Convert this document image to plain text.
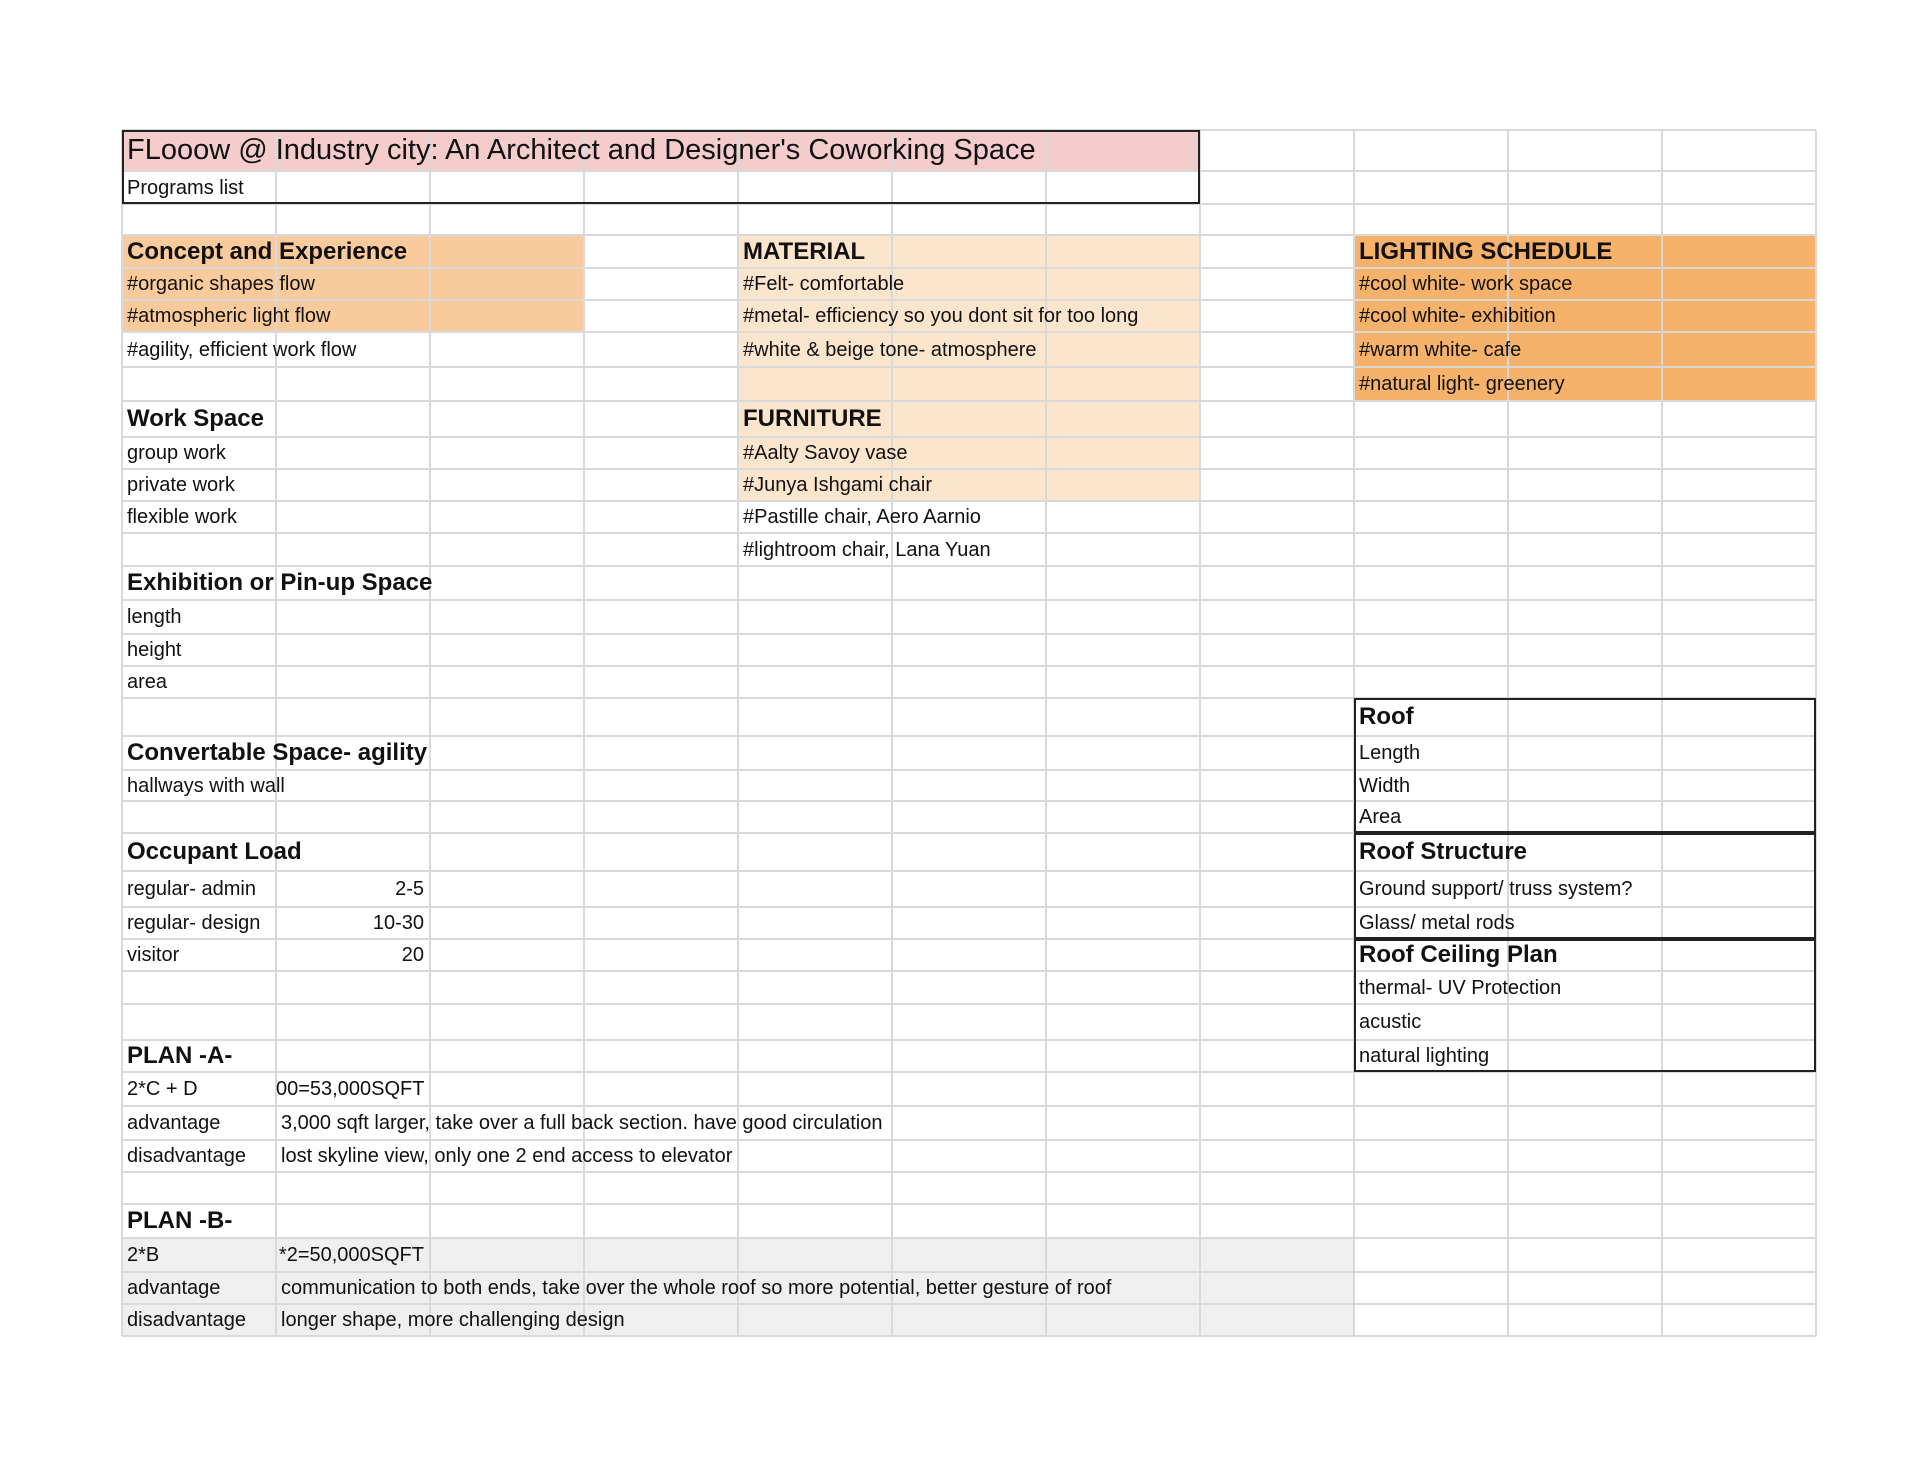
FLooow @ Industry city: An Architect and Designer's Coworking Space
Programs list
Concept and Experience
#organic shapes flow
#atmospheric light flow
#agility, efficient work flow
MATERIAL
#Felt- comfortable
#metal- efficiency so you dont sit for too long
#white & beige tone- atmosphere
FURNITURE
#Aalty Savoy vase
#Junya Ishgami chair
#Pastille chair, Aero Aarnio
#lightroom chair, Lana Yuan
LIGHTING SCHEDULE
#cool white- work space
#cool white- exhibition
#warm white- cafe
#natural light- greenery
Work Space
group work
private work
flexible work
Exhibition or Pin-up Space
length
height
area
Convertable Space- agility
hallways with wall
Occupant Load
regular- admin	2-5
regular- design	10-30
visitor	20
PLAN -A-
2*C + D	00=53,000SQFT
advantage	3,000 sqft larger, take over a full back section. have good circulation
disadvantage	lost skyline view, only one 2 end access to elevator
PLAN -B-
2*B	*2=50,000SQFT
advantage	communication to both ends, take over the whole roof so more potential, better gesture of roof
disadvantage	longer shape, more challenging design
Roof
Length
Width
Area
Roof Structure
Ground support/ truss system?
Glass/ metal rods
Roof Ceiling Plan
thermal- UV Protection
acustic
natural lighting
